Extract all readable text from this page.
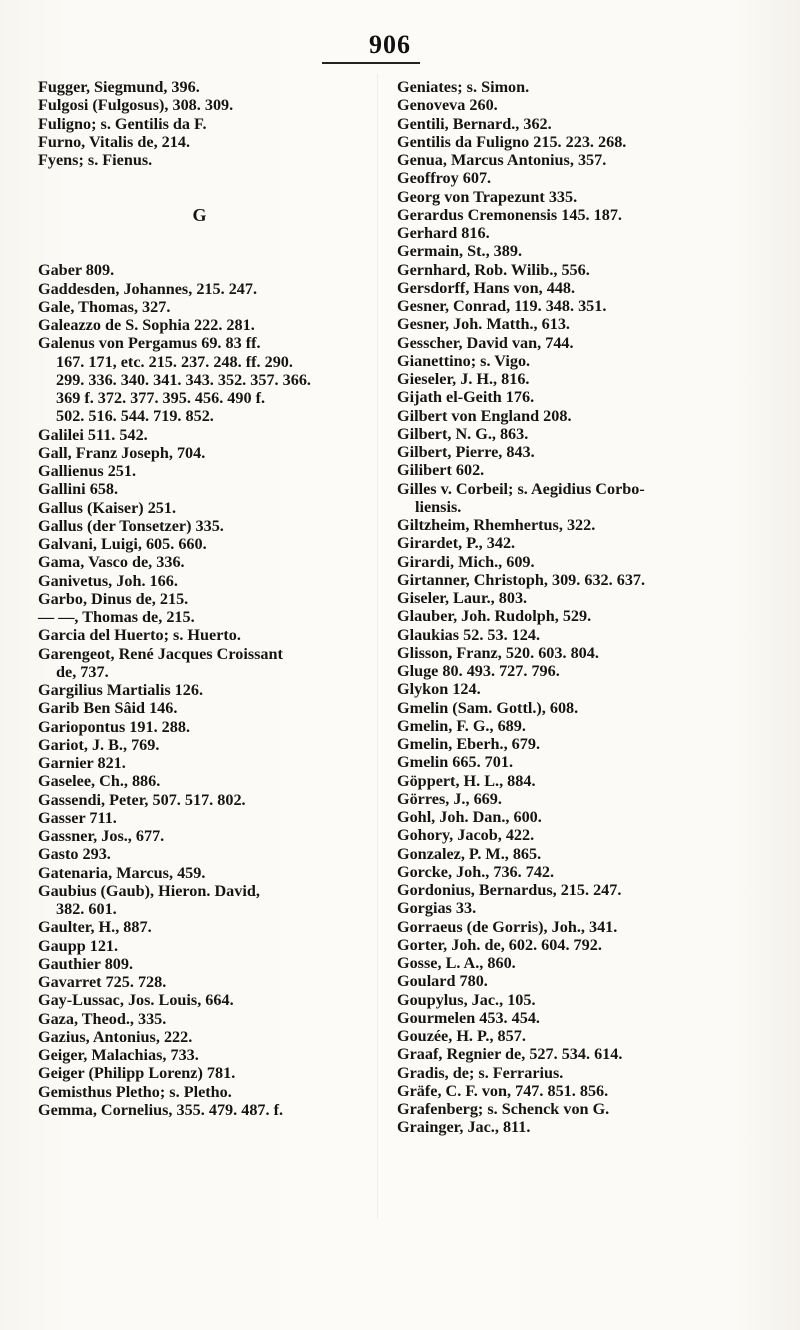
906
Fugger, Siegmund, 396.
Fulgosi (Fulgosus), 308. 309.
Fuligno; s. Gentilis da F.
Furno, Vitalis de, 214.
Fyens; s. Fienus.
G
Gaber 809.
Gaddesden, Johannes, 215. 247.
Gale, Thomas, 327.
Galeazzo de S. Sophia 222. 281.
Galenus von Pergamus 69. 83 ff.
167. 171, etc. 215. 237. 248. ff. 290.
299. 336. 340. 341. 343. 352. 357. 366.
369 f. 372. 377. 395. 456. 490 f.
502. 516. 544. 719. 852.
Galilei 511. 542.
Gall, Franz Joseph, 704.
Gallienus 251.
Gallini 658.
Gallus (Kaiser) 251.
Gallus (der Tonsetzer) 335.
Galvani, Luigi, 605. 660.
Gama, Vasco de, 336.
Ganivetus, Joh. 166.
Garbo, Dinus de, 215.
— —, Thomas de, 215.
Garcia del Huerto; s. Huerto.
Garengeot, René Jacques Croissant
de, 737.
Gargilius Martialis 126.
Garib Ben Sâid 146.
Gariopontus 191. 288.
Gariot, J. B., 769.
Garnier 821.
Gaselee, Ch., 886.
Gassendi, Peter, 507. 517. 802.
Gasser 711.
Gassner, Jos., 677.
Gasto 293.
Gatenaria, Marcus, 459.
Gaubius (Gaub), Hieron. David,
382. 601.
Gaulter, H., 887.
Gaupp 121.
Gauthier 809.
Gavarret 725. 728.
Gay-Lussac, Jos. Louis, 664.
Gaza, Theod., 335.
Gazius, Antonius, 222.
Geiger, Malachias, 733.
Geiger (Philipp Lorenz) 781.
Gemisthus Pletho; s. Pletho.
Gemma, Cornelius, 355. 479. 487. f.
Geniates; s. Simon.
Genoveva 260.
Gentili, Bernard., 362.
Gentilis da Fuligno 215. 223. 268.
Genua, Marcus Antonius, 357.
Geoffroy 607.
Georg von Trapezunt 335.
Gerardus Cremonensis 145. 187.
Gerhard 816.
Germain, St., 389.
Gernhard, Rob. Wilib., 556.
Gersdorff, Hans von, 448.
Gesner, Conrad, 119. 348. 351.
Gesner, Joh. Matth., 613.
Gesscher, David van, 744.
Gianettino; s. Vigo.
Gieseler, J. H., 816.
Gijath el-Geith 176.
Gilbert von England 208.
Gilbert, N. G., 863.
Gilbert, Pierre, 843.
Gilibert 602.
Gilles v. Corbeil; s. Aegidius Corbo-
liensis.
Giltzheim, Rhemhertus, 322.
Girardet, P., 342.
Girardi, Mich., 609.
Girtanner, Christoph, 309. 632. 637.
Giseler, Laur., 803.
Glauber, Joh. Rudolph, 529.
Glaukias 52. 53. 124.
Glisson, Franz, 520. 603. 804.
Gluge 80. 493. 727. 796.
Glykon 124.
Gmelin (Sam. Gottl.), 608.
Gmelin, F. G., 689.
Gmelin, Eberh., 679.
Gmelin 665. 701.
Göppert, H. L., 884.
Görres, J., 669.
Gohl, Joh. Dan., 600.
Gohory, Jacob, 422.
Gonzalez, P. M., 865.
Gorcke, Joh., 736. 742.
Gordonius, Bernardus, 215. 247.
Gorgias 33.
Gorraeus (de Gorris), Joh., 341.
Gorter, Joh. de, 602. 604. 792.
Gosse, L. A., 860.
Goulard 780.
Goupylus, Jac., 105.
Gourmelen 453. 454.
Gouzée, H. P., 857.
Graaf, Regnier de, 527. 534. 614.
Gradis, de; s. Ferrarius.
Gräfe, C. F. von, 747. 851. 856.
Grafenberg; s. Schenck von G.
Grainger, Jac., 811.
